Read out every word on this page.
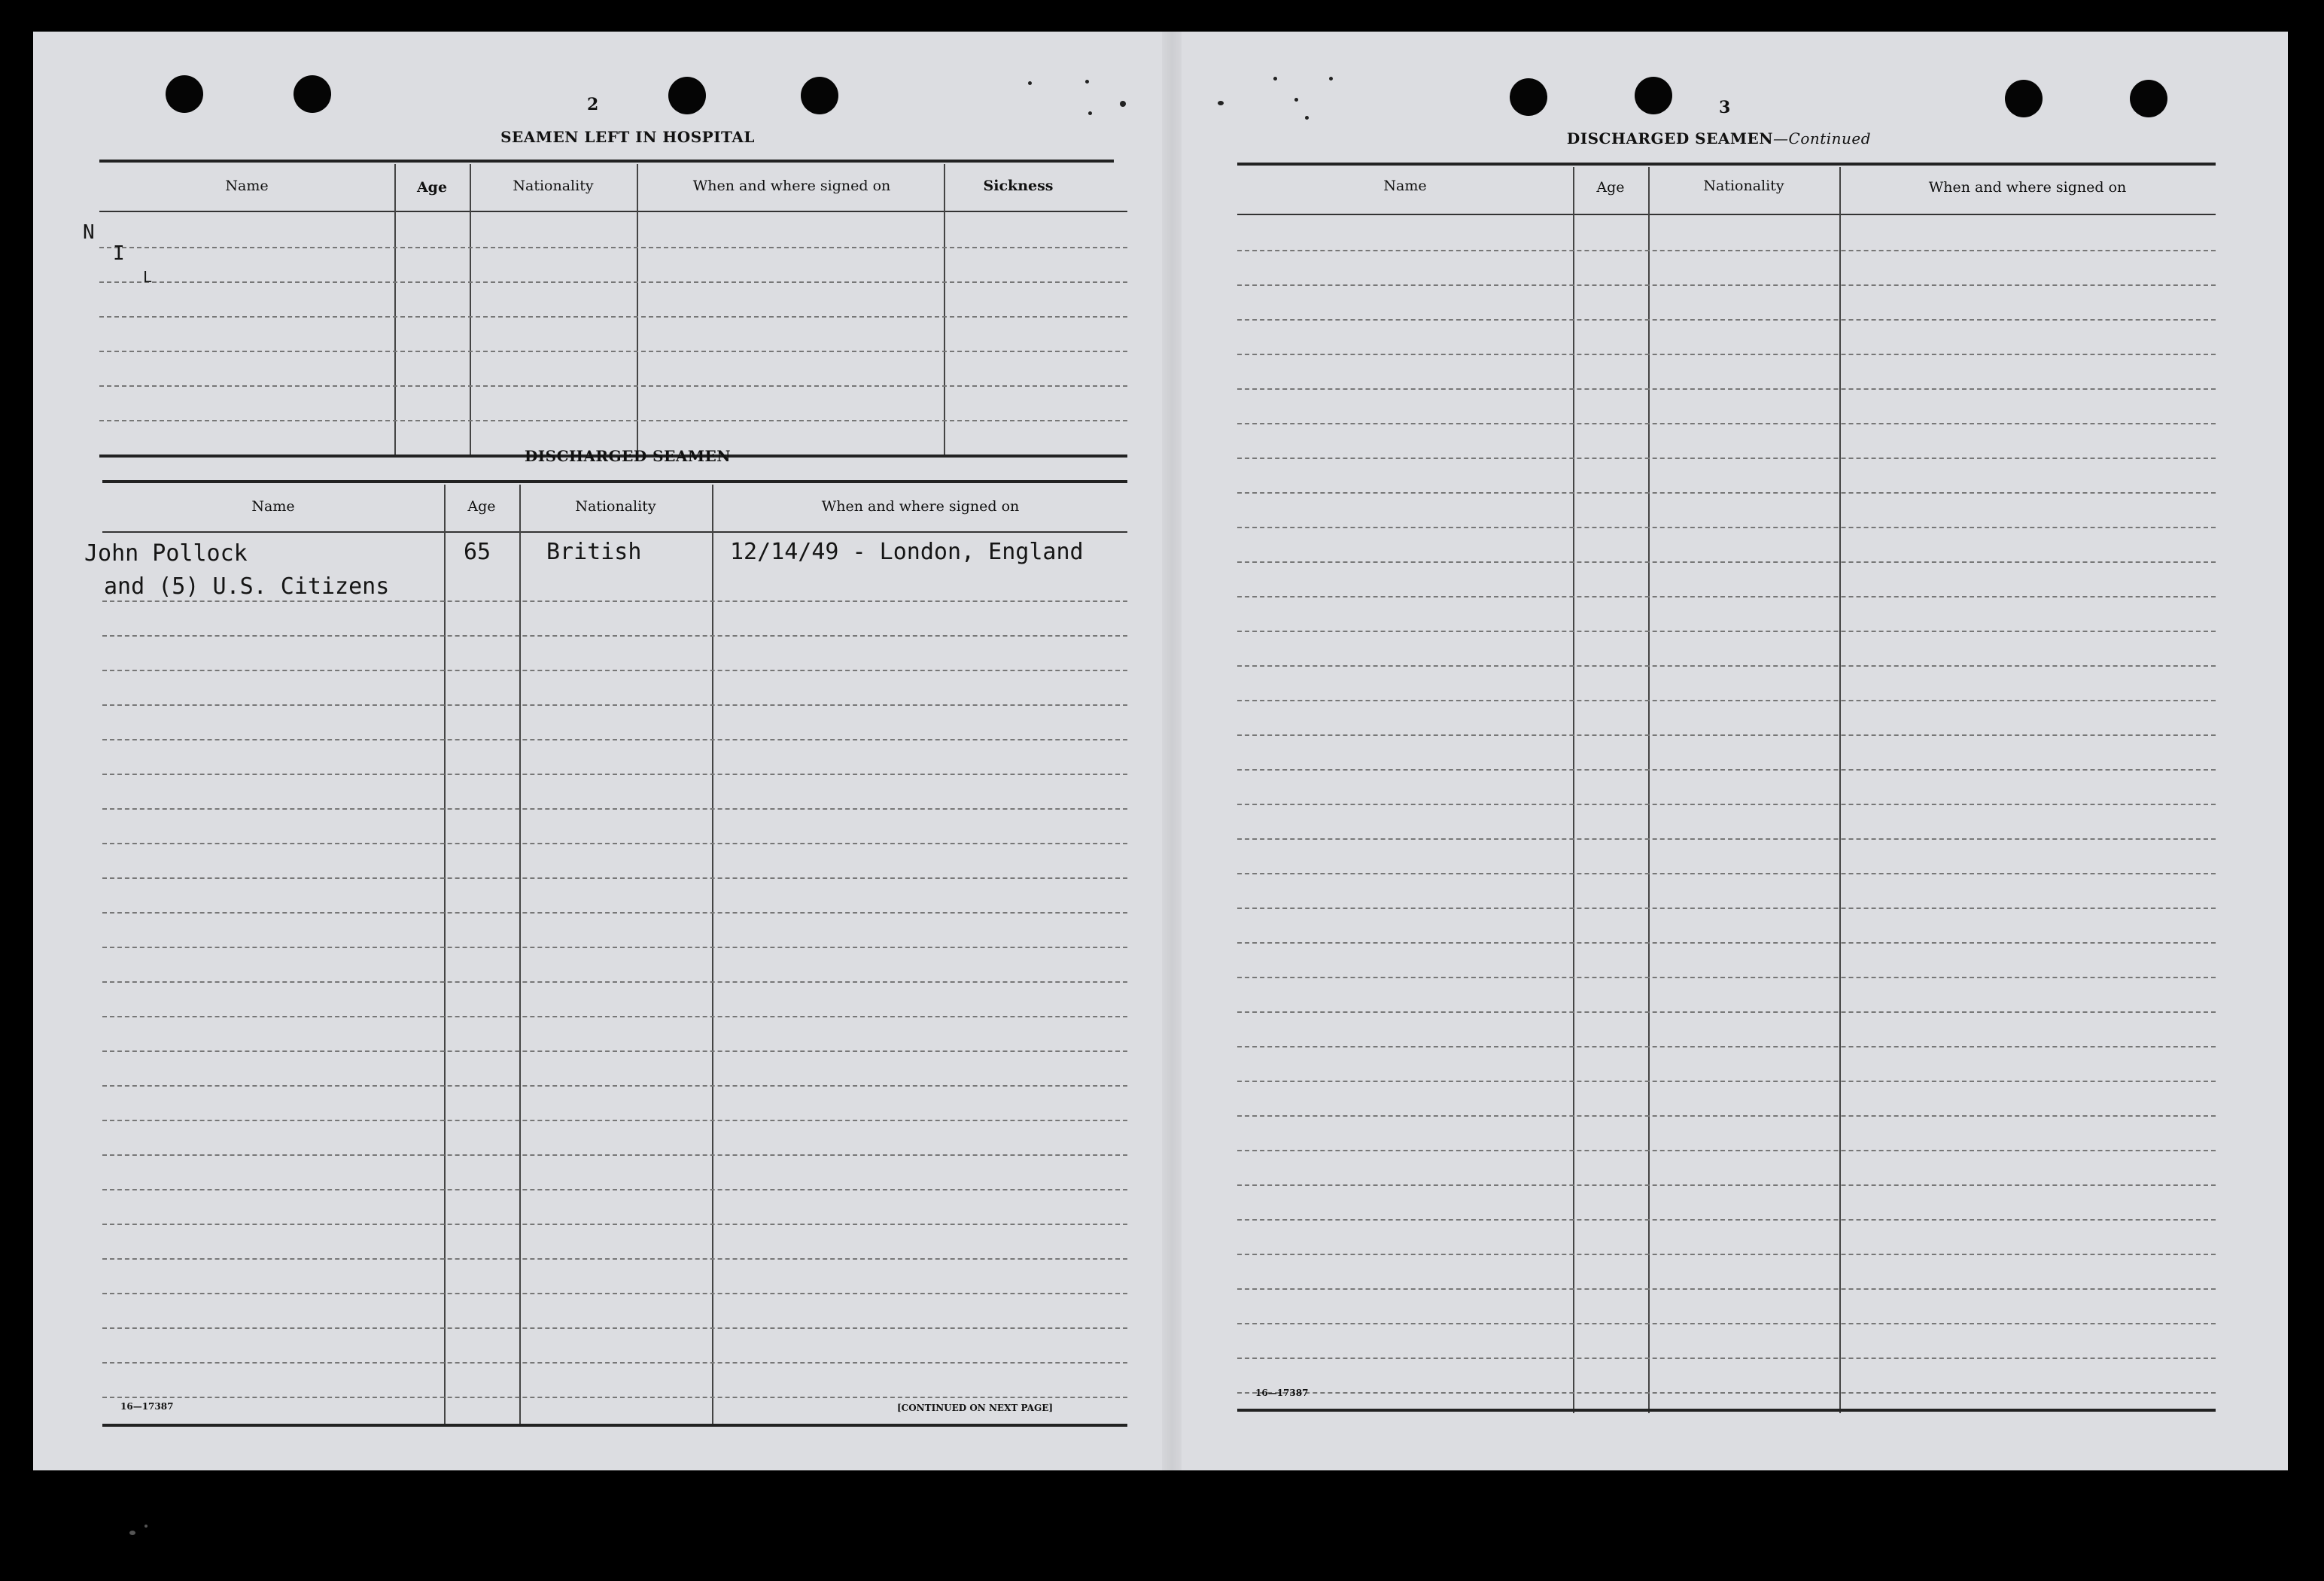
2
SEAMEN LEFT IN HOSPITAL
Name	Age	Nationality	When and where signed on	Sickness
N
I
L
DISCHARGED SEAMEN
Name	Age	Nationality	When and where signed on
John Pollock	65 British	12/14/49 - London, England
and (5) U.S. Citizens
16—17387	[CONTINUED ON NEXT PAGE]
3
DISCHARGED SEAMEN—Continued
Name	Age	Nationality	When and where signed on
16—17387
